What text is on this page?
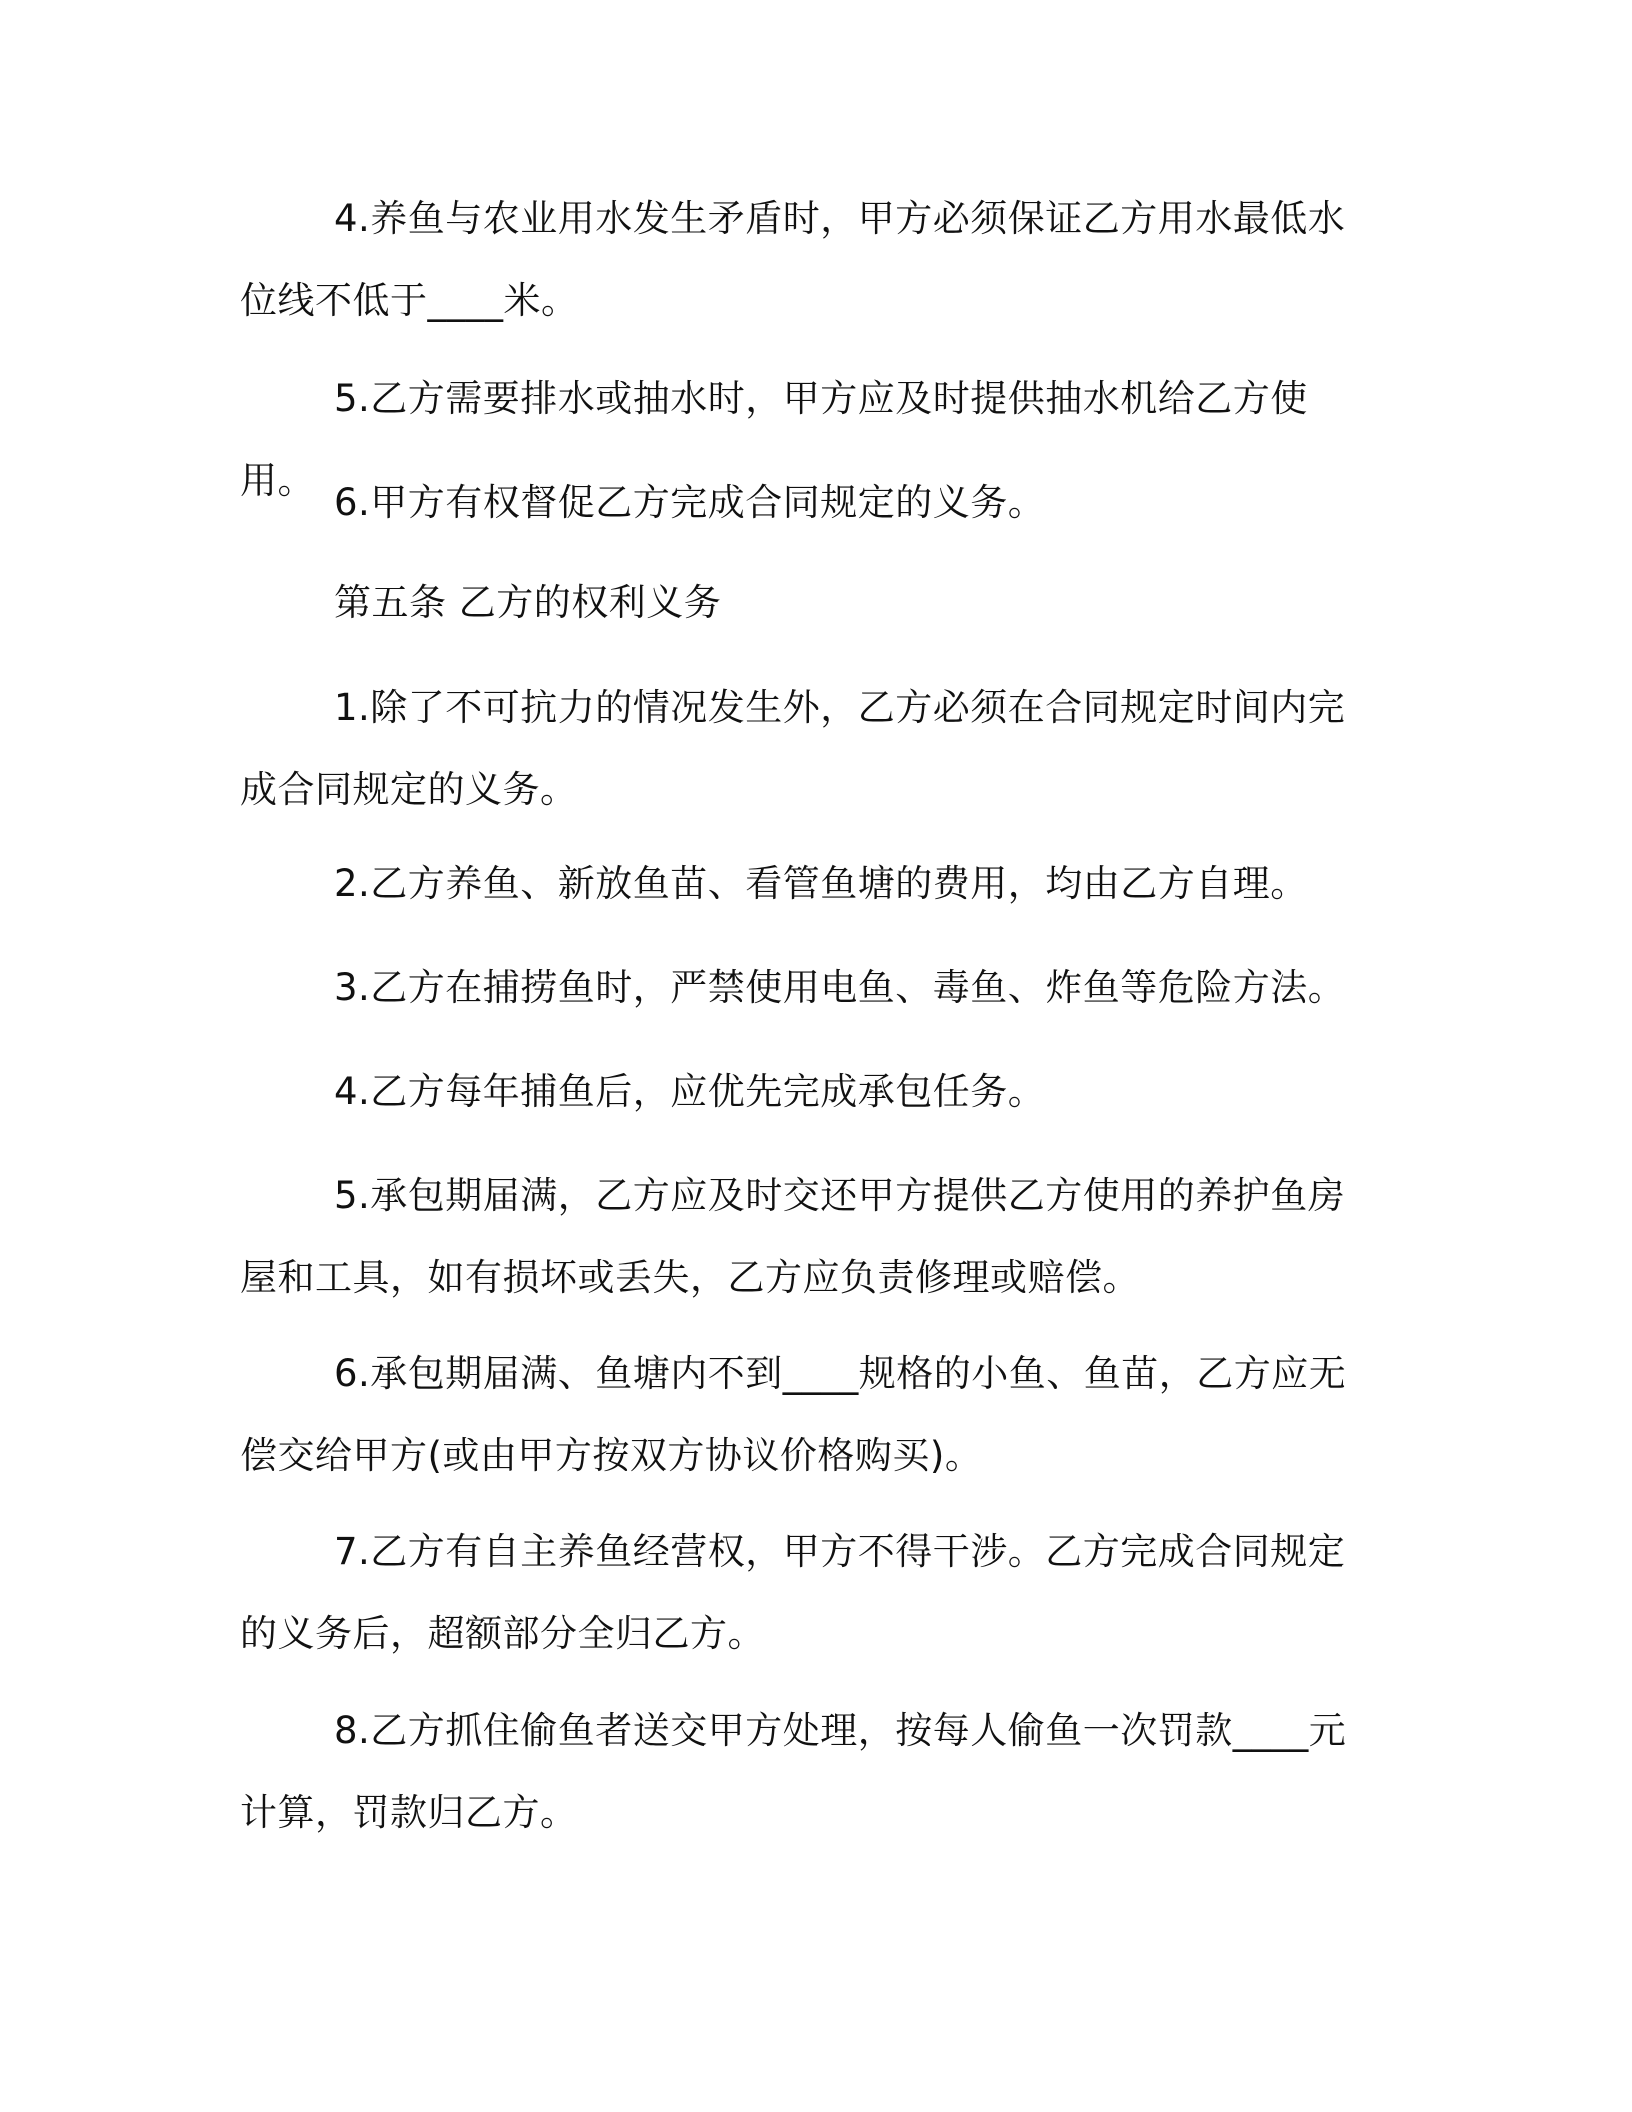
4.养鱼与农业用水发生矛盾时，甲方必须保证乙方用水最低水位线不低于____米。

5.乙方需要排水或抽水时，甲方应及时提供抽水机给乙方使用。

6.甲方有权督促乙方完成合同规定的义务。

第五条 乙方的权利义务

1.除了不可抗力的情况发生外，乙方必须在合同规定时间内完成合同规定的义务。

2.乙方养鱼、新放鱼苗、看管鱼塘的费用，均由乙方自理。

3.乙方在捕捞鱼时，严禁使用电鱼、毒鱼、炸鱼等危险方法。

4.乙方每年捕鱼后，应优先完成承包任务。

5.承包期届满，乙方应及时交还甲方提供乙方使用的养护鱼房屋和工具，如有损坏或丢失，乙方应负责修理或赔偿。

6.承包期届满、鱼塘内不到____规格的小鱼、鱼苗，乙方应无偿交给甲方(或由甲方按双方协议价格购买)。

7.乙方有自主养鱼经营权，甲方不得干涉。乙方完成合同规定的义务后，超额部分全归乙方。

8.乙方抓住偷鱼者送交甲方处理，按每人偷鱼一次罚款____元计算，罚款归乙方。
